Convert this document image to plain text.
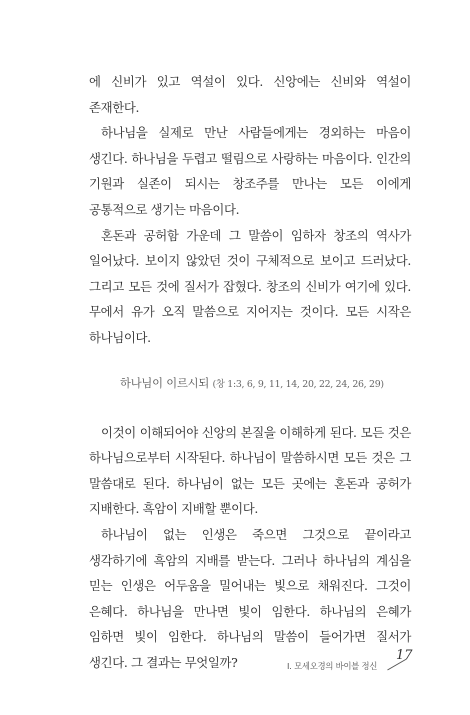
에 신비가 있고 역설이 있다. 신앙에는 신비와 역설이 존재한다.

하나님을 실제로 만난 사람들에게는 경외하는 마음이 생긴다. 하나님을 두렵고 떨림으로 사랑하는 마음이다. 인간의 기원과 실존이 되시는 창조주를 만나는 모든 이에게 공통적으로 생기는 마음이다.

혼돈과 공허함 가운데 그 말씀이 임하자 창조의 역사가 일어났다. 보이지 않았던 것이 구체적으로 보이고 드러났다. 그리고 모든 것에 질서가 잡혔다. 창조의 신비가 여기에 있다. 무에서 유가 오직 말씀으로 지어지는 것이다. 모든 시작은 하나님이다.

하나님이 이르시되 (창 1:3, 6, 9, 11, 14, 20, 22, 24, 26, 29)

이것이 이해되어야 신앙의 본질을 이해하게 된다. 모든 것은 하나님으로부터 시작된다. 하나님이 말씀하시면 모든 것은 그 말씀대로 된다. 하나님이 없는 모든 곳에는 혼돈과 공허가 지배한다. 흑암이 지배할 뿐이다.

하나님이 없는 인생은 죽으면 그것으로 끝이라고 생각하기에 흑암의 지배를 받는다. 그러나 하나님의 계심을 믿는 인생은 어두움을 밀어내는 빛으로 채워진다. 그것이 은혜다. 하나님을 만나면 빛이 임한다. 하나님의 은혜가 임하면 빛이 임한다. 하나님의 말씀이 들어가면 질서가 생긴다. 그 결과는 무엇일까?	I. 모세오경의 바이블 정신
17
